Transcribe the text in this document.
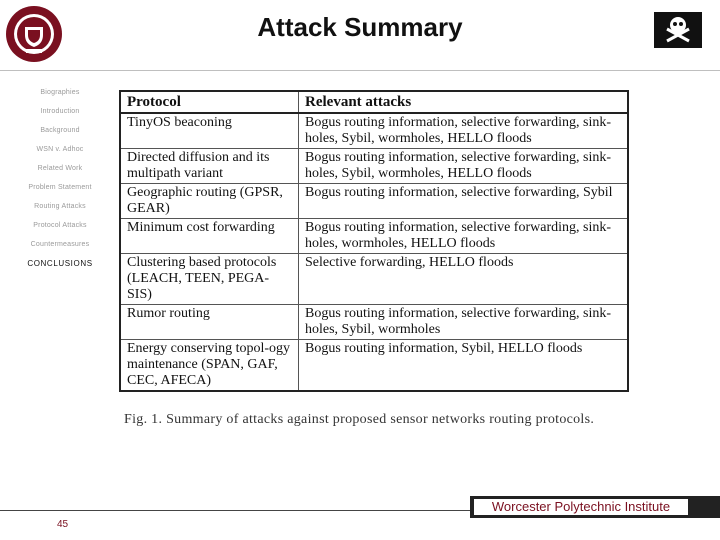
Attack Summary
Biographies
Introduction
Background
WSN v. Adhoc
Related Work
Problem Statement
Routing Attacks
Protocol Attacks
Countermeasures
CONCLUSIONS
Protocol	Relevant attacks
TinyOS beaconing	Bogus routing information, selective forwarding, sink-holes, Sybil, wormholes, HELLO floods
Directed diffusion and its multipath variant	Bogus routing information, selective forwarding, sink-holes, Sybil, wormholes, HELLO floods
Geographic routing (GPSR, GEAR)	Bogus routing information, selective forwarding, Sybil
Minimum cost forwarding	Bogus routing information, selective forwarding, sink-holes, wormholes, HELLO floods
Clustering based protocols (LEACH, TEEN, PEGA-SIS)	Selective forwarding, HELLO floods
Rumor routing	Bogus routing information, selective forwarding, sink-holes, Sybil, wormholes
Energy conserving topol-ogy maintenance (SPAN, GAF, CEC, AFECA)	Bogus routing information, Sybil, HELLO floods
Fig. 1. Summary of attacks against proposed sensor networks routing protocols.
Worcester Polytechnic Institute
45
